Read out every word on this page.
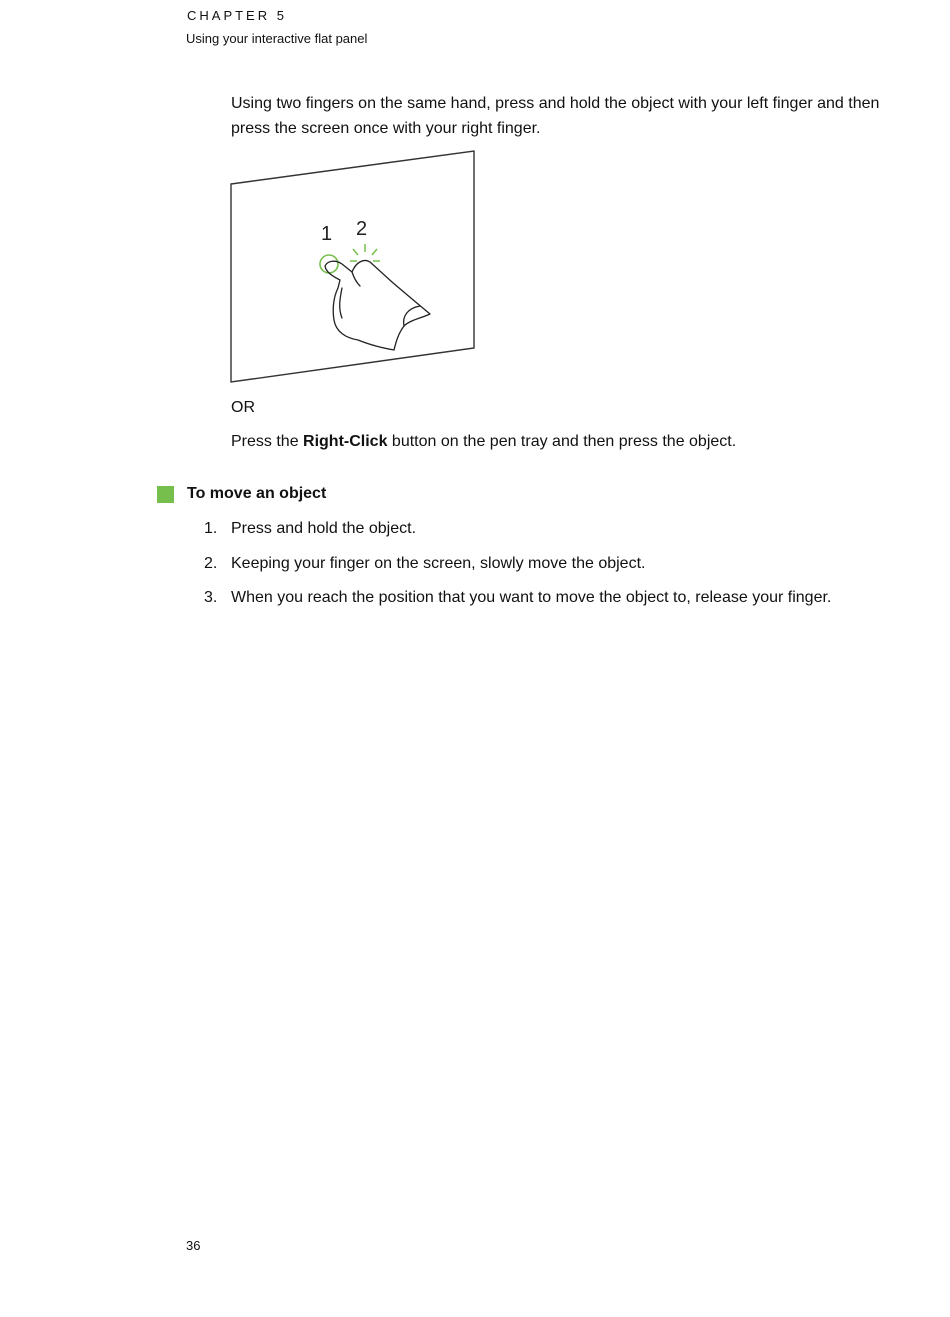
CHAPTER 5
Using your interactive flat panel
Using two fingers on the same hand, press and hold the object with your left finger and then press the screen once with your right finger.
1 2
OR
Press the Right-Click button on the pen tray and then press the object.
To move an object
1. Press and hold the object.
2. Keeping your finger on the screen, slowly move the object.
3. When you reach the position that you want to move the object to, release your finger.
36
